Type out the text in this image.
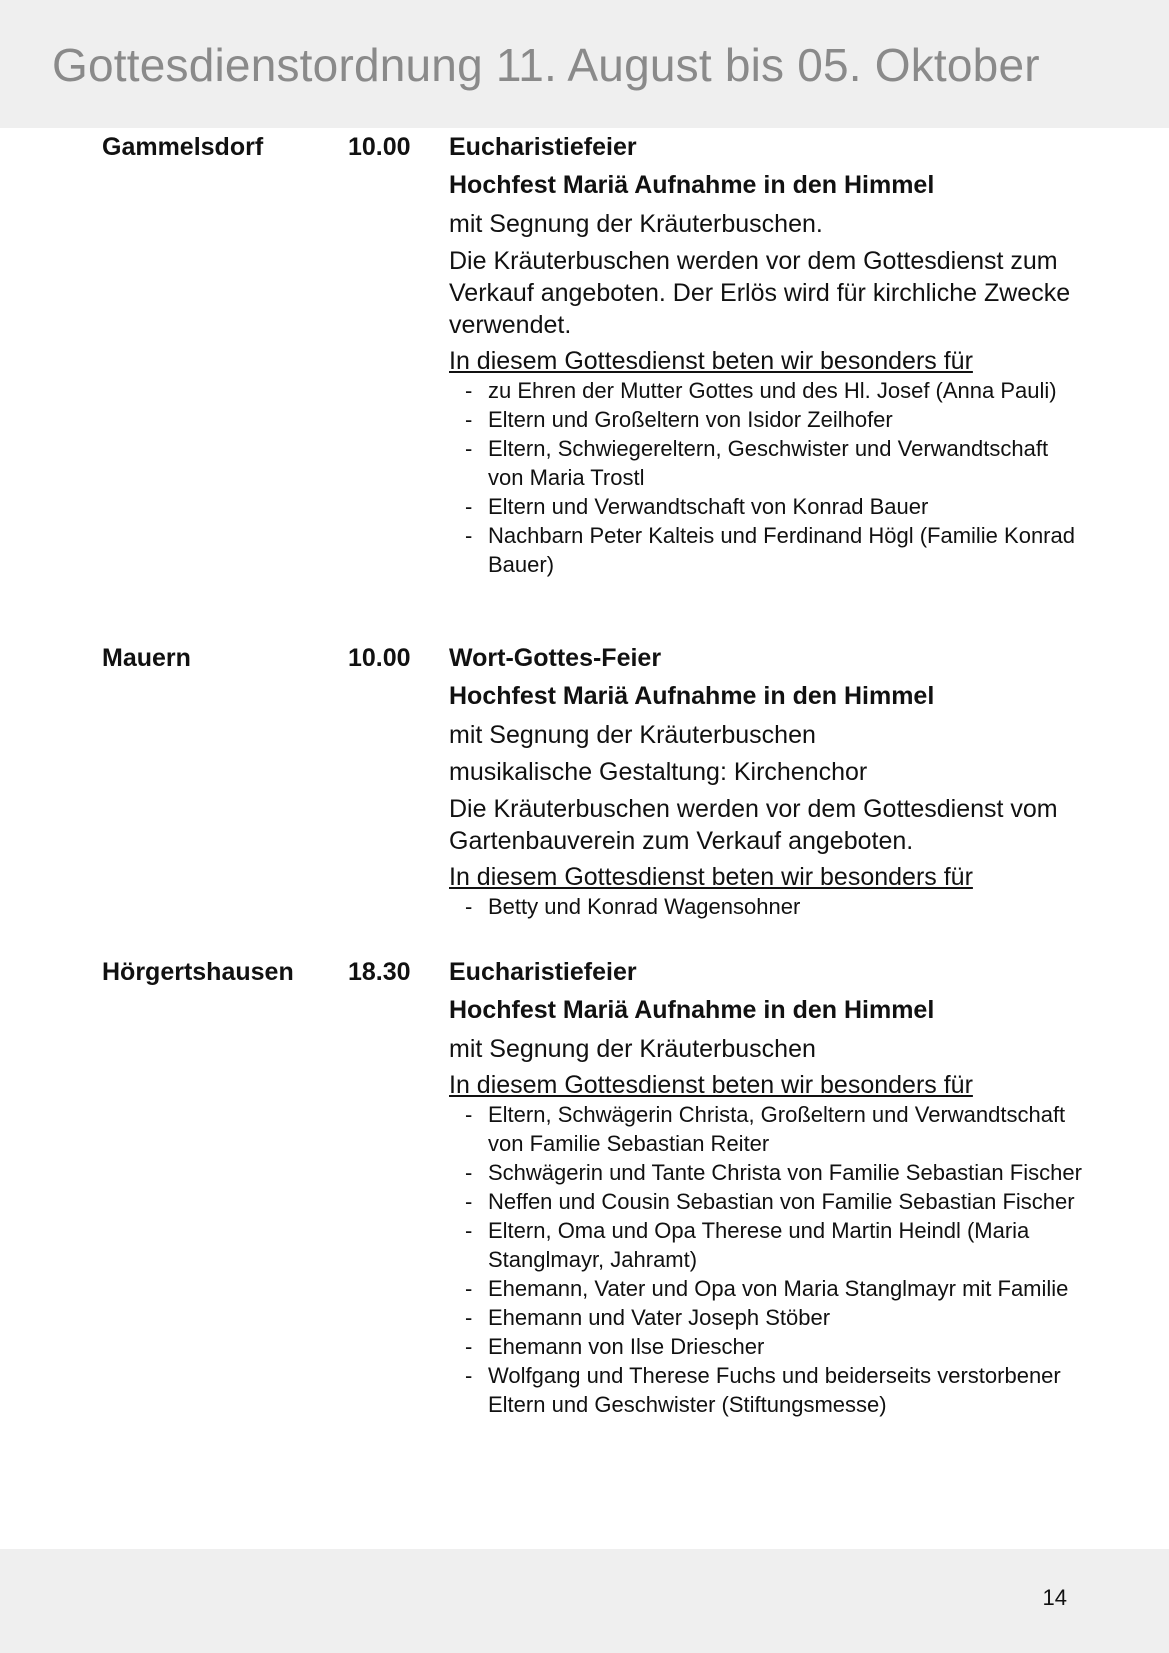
Gottesdienstordnung 11. August bis 05. Oktober
Gammelsdorf	10.00 Eucharistiefeier
Hochfest Mariä Aufnahme in den Himmel
mit Segnung der Kräuterbuschen.
Die Kräuterbuschen werden vor dem Gottesdienst zum Verkauf angeboten. Der Erlös wird für kirchliche Zwecke verwendet.
In diesem Gottesdienst beten wir besonders für
- zu Ehren der Mutter Gottes und des Hl. Josef (Anna Pauli)
- Eltern und Großeltern von Isidor Zeilhofer
- Eltern, Schwiegereltern, Geschwister und Verwandtschaft von Maria Trostl
- Eltern und Verwandtschaft von Konrad Bauer
- Nachbarn Peter Kalteis und Ferdinand Högl (Familie Konrad Bauer)
Mauern	10.00 Wort-Gottes-Feier
Hochfest Mariä Aufnahme in den Himmel
mit Segnung der Kräuterbuschen
musikalische Gestaltung: Kirchenchor
Die Kräuterbuschen werden vor dem Gottesdienst vom Gartenbauverein zum Verkauf angeboten.
In diesem Gottesdienst beten wir besonders für
- Betty und Konrad Wagensohner
Hörgertshausen 18.30 Eucharistiefeier
Hochfest Mariä Aufnahme in den Himmel
mit Segnung der Kräuterbuschen
In diesem Gottesdienst beten wir besonders für
- Eltern, Schwägerin Christa, Großeltern und Verwandtschaft von Familie Sebastian Reiter
- Schwägerin und Tante Christa von Familie Sebastian Fischer
- Neffen und Cousin Sebastian von Familie Sebastian Fischer
- Eltern, Oma und Opa Therese und Martin Heindl (Maria Stanglmayr, Jahramt)
- Ehemann, Vater und Opa von Maria Stanglmayr mit Familie
- Ehemann und Vater Joseph Stöber
- Ehemann von Ilse Driescher
- Wolfgang und Therese Fuchs und beiderseits verstorbener Eltern und Geschwister (Stiftungsmesse)
14
